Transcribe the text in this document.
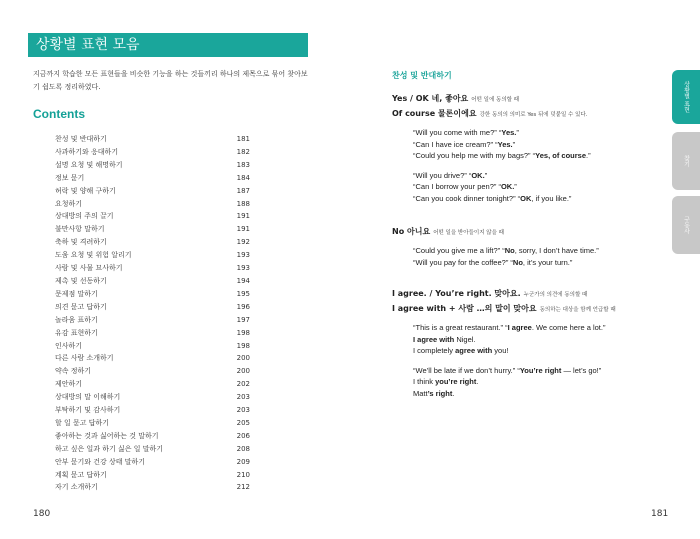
상황별 표현 모음

지금까지 학습한 모든 표현들을 비슷한 기능을 하는 것들끼리 하나의 제목으로 묶어 찾아보기 쉽도록 정리하였다.

Contents
찬성 및 반대하기	181
사과하기와 응대하기	182
설명 요청 및 해명하기	183
정보 묻기	184
허락 및 양해 구하기	187
요청하기	188
상대방의 주의 끌기	191
불만사항 말하기	191
축하 및 격려하기	192
도움 요청 및 위험 알리기	193
사람 및 사물 묘사하기	193
제촉 및 선동하기	194
문제점 말하기	195
의견 묻고 답하기	196
놀라움 표하기	197
유감 표현하기	198
인사하기	198
다른 사람 소개하기	200
약속 정하기	200
제안하기	202
상대방의 말 이해하기	203
부탁하기 및 감사하기	203
할 일 묻고 답하기	205
좋아하는 것과 싫어하는 것 말하기	206
하고 싶은 일과 하기 싫은 일 말하기	208
안부 묻기와 건강 상태 말하기	209
계획 묻고 답하기	210
자기 소개하기	212
180
찬성 및 반대하기
Yes / OK 네, 좋아요 어떤 일에 동의할 때
Of course 물론이에요 강한 동의의 의미로 Yes 뒤에 덧붙일 수 있다.
“Will you come with me?” “Yes.”
“Can I have ice cream?” “Yes.”
“Could you help me with my bags?” “Yes, of course.”
“Will you drive?” “OK.”
“Can I borrow your pen?” “OK.”
“Can you cook dinner tonight?” “OK, if you like.”
No 아니요 어떤 일을 받아들이지 않을 때
“Could you give me a lift?” “No, sorry, I don’t have time.”
“Will you pay for the coffee?” “No, it’s your turn.”
I agree. / You’re right. 맞아요. 누군가의 의견에 동의할 때
I agree with + 사람 …의 말이 맞아요 동의하는 대상을 함께 언급할 때
“This is a great restaurant.” “I agree. We come here a lot.”
I agree with Nigel.
I completely agree with you!
“We’ll be late if we don’t hurry.” “You’re right — let’s go!”
I think you’re right.
Matt’s right.
상황별 표현
찾기
구동사
181
